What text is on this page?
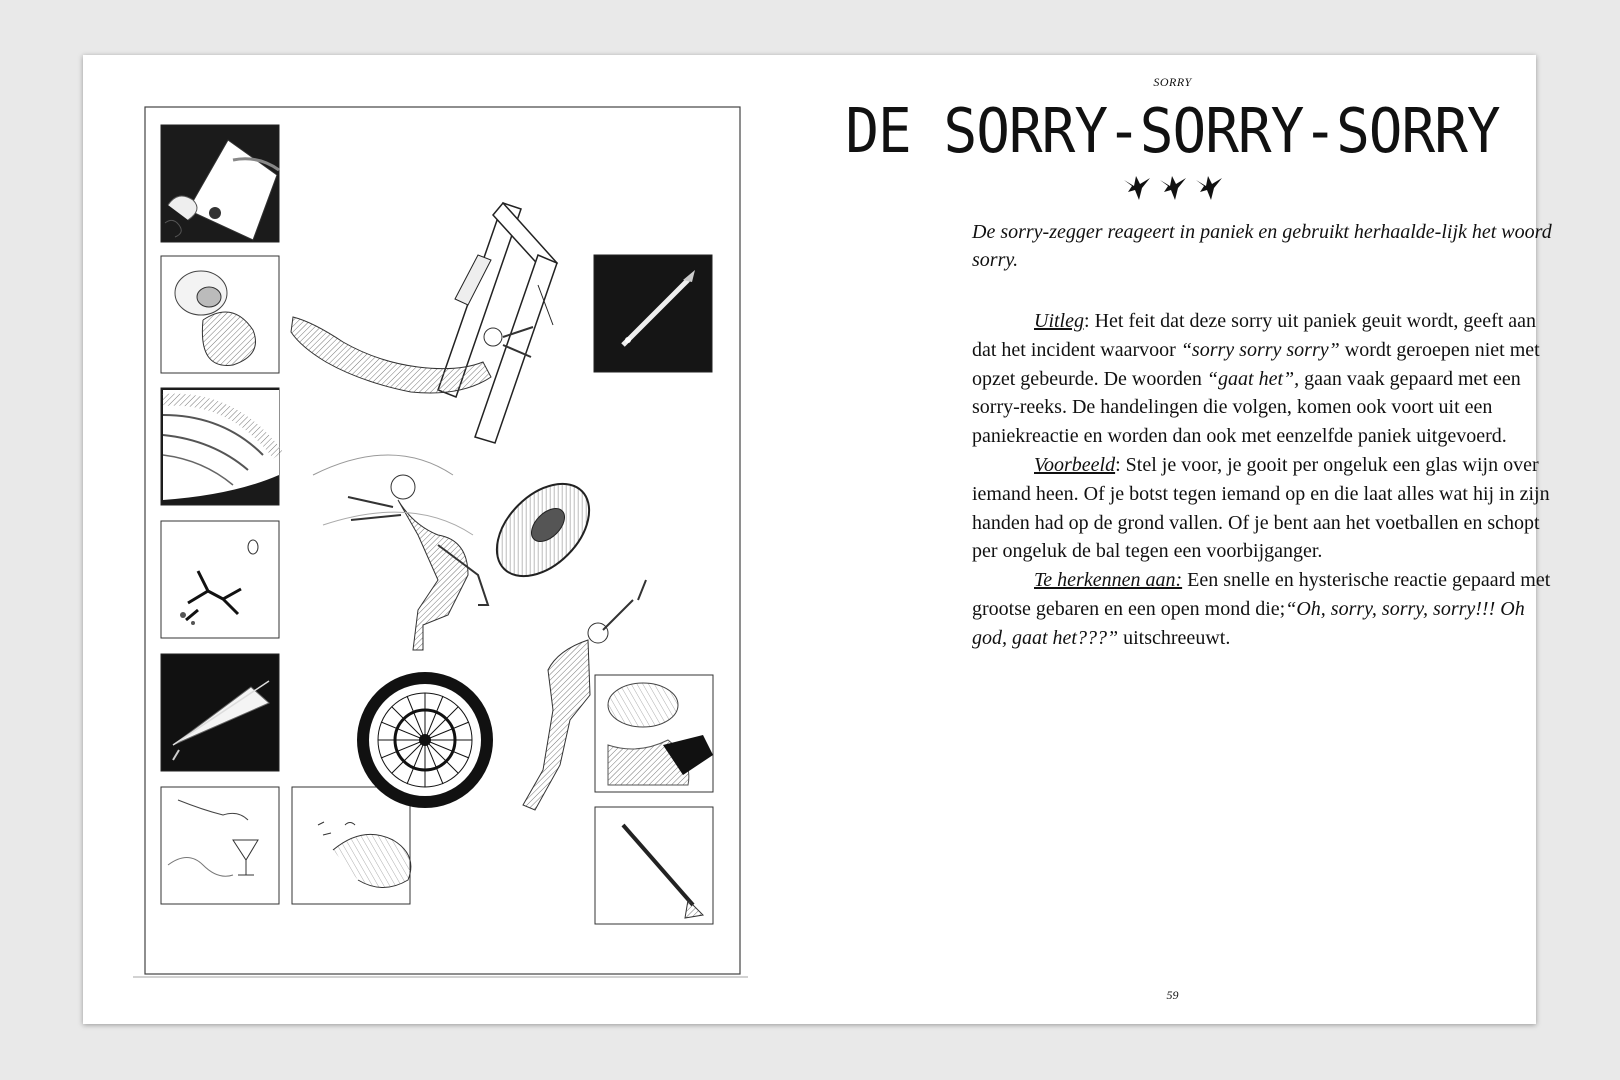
SORRY
DE SORRY-SORRY-SORRY

De sorry-zegger reageert in paniek en gebruikt herhaalde-lijk het woord sorry.

Uitleg: Het feit dat deze sorry uit paniek geuit wordt, geeft aan dat het incident waarvoor “sorry sorry sorry” wordt geroepen niet met opzet gebeurde. De woorden “gaat het”, gaan vaak gepaard met een sorry-reeks. De handelingen die volgen, komen ook voort uit een paniekreactie en worden dan ook met eenzelfde paniek uitgevoerd.

Voorbeeld: Stel je voor, je gooit per ongeluk een glas wijn over iemand heen. Of je botst tegen iemand op en die laat alles wat hij in zijn handen had op de grond vallen. Of je bent aan het voetballen en schopt per ongeluk de bal tegen een voorbijganger.

Te herkennen aan: Een snelle en hysterische reactie gepaard met grootse gebaren en een open mond die;“Oh, sorry, sorry, sorry!!! Oh god, gaat het???” uitschreeuwt.

59
